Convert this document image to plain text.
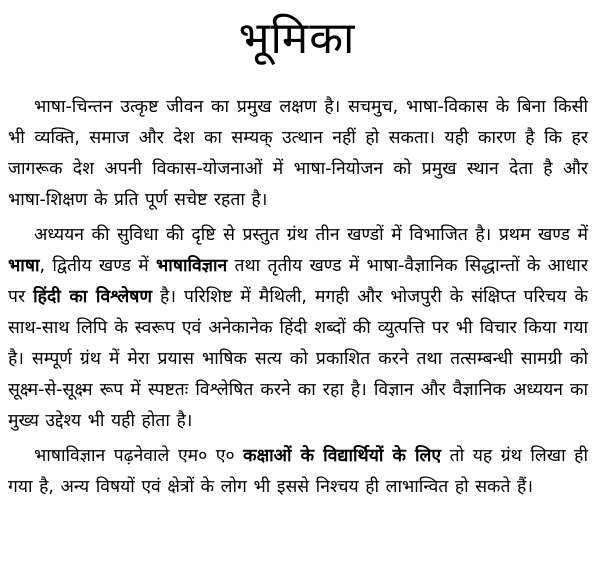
भूमिका

भाषा-चिन्तन उत्कृष्ट जीवन का प्रमुख लक्षण है। सचमुच, भाषा-विकास के बिना किसी भी व्यक्ति, समाज और देश का सम्यक् उत्थान नहीं हो सकता। यही कारण है कि हर जागरूक देश अपनी विकास-योजनाओं में भाषा-नियोजन को प्रमुख स्थान देता है और भाषा-शिक्षण के प्रति पूर्ण सचेष्ट रहता है।

अध्ययन की सुविधा की दृष्टि से प्रस्तुत ग्रंथ तीन खण्डों में विभाजित है। प्रथम खण्ड में भाषा, द्वितीय खण्ड में भाषाविज्ञान तथा तृतीय खण्ड में भाषा-वैज्ञानिक सिद्धान्तों के आधार पर हिंदी का विश्लेषण है। परिशिष्ट में मैथिली, मगही और भोजपुरी के संक्षिप्त परिचय के साथ-साथ लिपि के स्वरूप एवं अनेकानेक हिंदी शब्दों की व्युत्पत्ति पर भी विचार किया गया है। सम्पूर्ण ग्रंथ में मेरा प्रयास भाषिक सत्य को प्रकाशित करने तथा तत्सम्बन्धी सामग्री को सूक्ष्म-से-सूक्ष्म रूप में स्पष्टतः विश्लेषित करने का रहा है। विज्ञान और वैज्ञानिक अध्ययन का मुख्य उद्देश्य भी यही होता है।

भाषाविज्ञान पढ़नेवाले एम० ए० कक्षाओं के विद्यार्थियों के लिए तो यह ग्रंथ लिखा ही गया है, अन्य विषयों एवं क्षेत्रों के लोग भी इससे निश्चय ही लाभान्वित हो सकते हैं।
